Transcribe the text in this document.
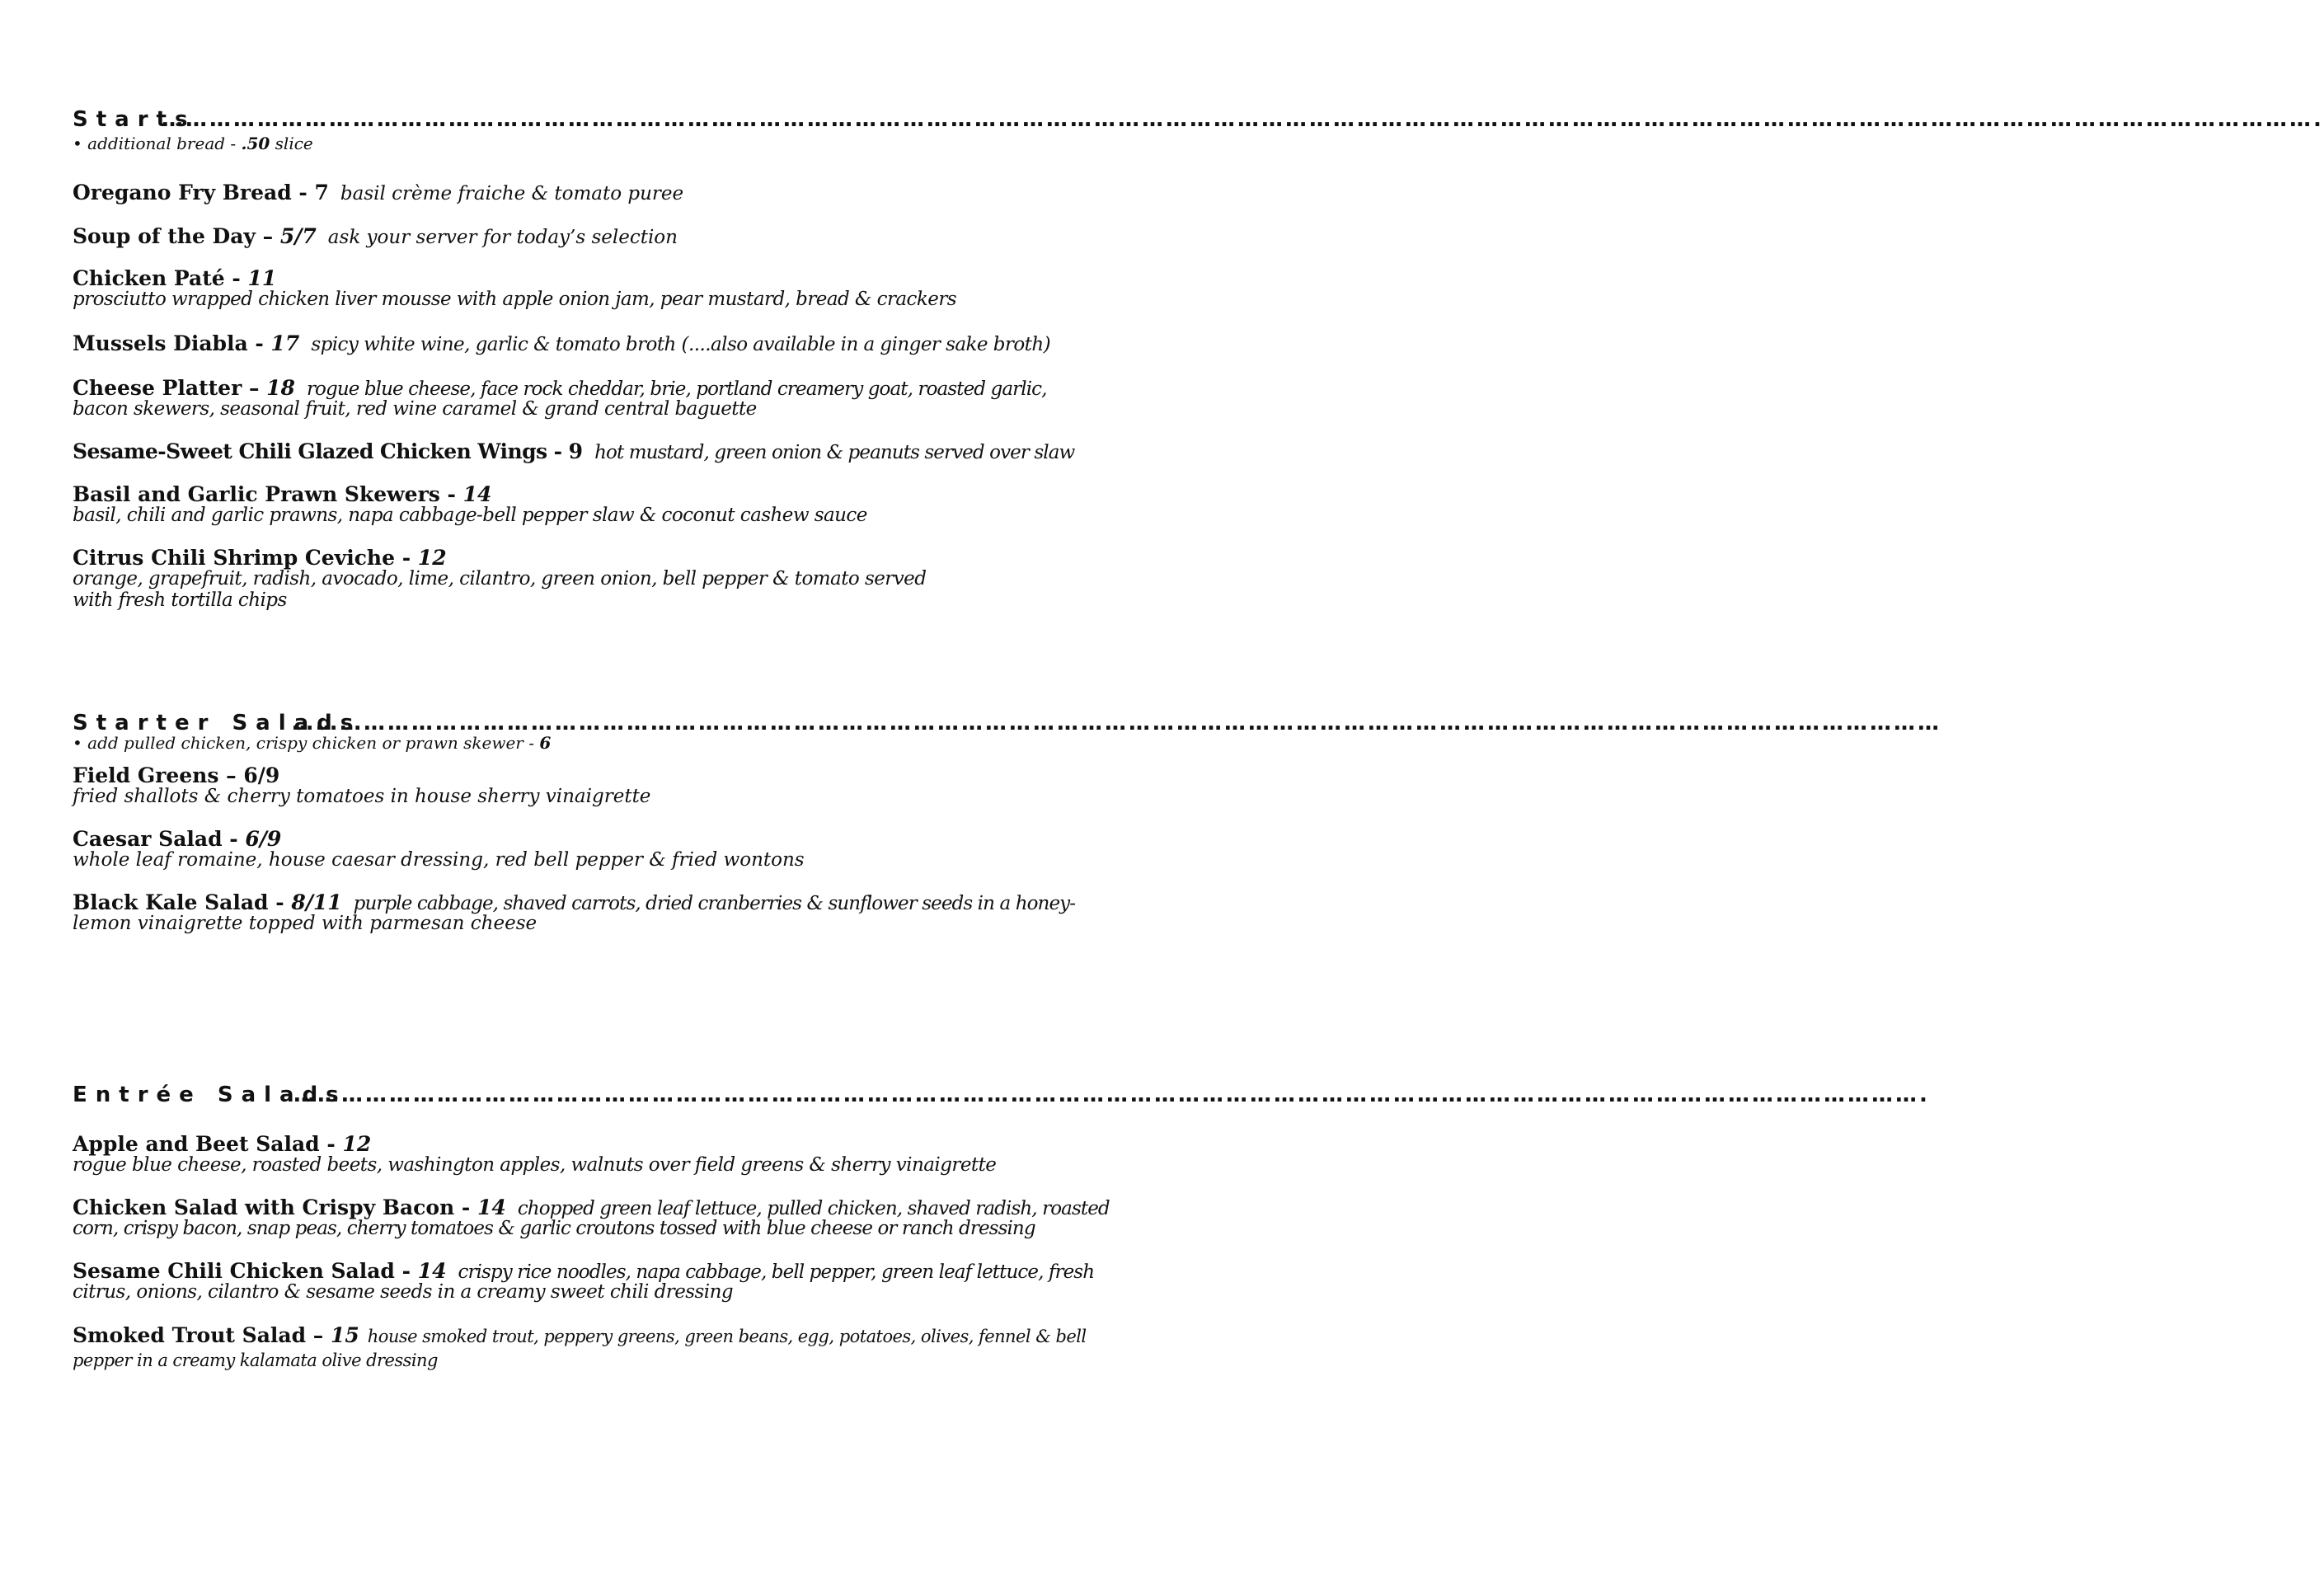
Starts
……………………………………………………………………………………………………………………………………………………………………………………………………………………………………………….
• additional bread - .50 slice
Oregano Fry Bread - 7 basil crème fraiche & tomato puree
Soup of the Day – 5/7 ask your server for today’s selection
Chicken Paté - 11
prosciutto wrapped chicken liver mousse with apple onion jam, pear mustard, bread & crackers
Mussels Diabla - 17 spicy white wine, garlic & tomato broth (....also available in a ginger sake broth)
Cheese Platter – 18 rogue blue cheese, face rock cheddar, brie, portland creamery goat, roasted garlic,
bacon skewers, seasonal fruit, red wine caramel & grand central baguette
Sesame-Sweet Chili Glazed Chicken Wings - 9 hot mustard, green onion & peanuts served over slaw
Basil and Garlic Prawn Skewers - 14
basil, chili and garlic prawns, napa cabbage-bell pepper slaw & coconut cashew sauce
Citrus Chili Shrimp Ceviche - 12
orange, grapefruit, radish, avocado, lime, cilantro, green onion, bell pepper & tomato served
with fresh tortilla chips
Starter Salads
………………………………………………………………………………………………………………………………………………………………………………………
• add pulled chicken, crispy chicken or prawn skewer - 6
Field Greens – 6/9
fried shallots & cherry tomatoes in house sherry vinaigrette
Caesar Salad - 6/9
whole leaf romaine, house caesar dressing, red bell pepper & fried wontons
Black Kale Salad - 8/11 purple cabbage, shaved carrots, dried cranberries & sunflower seeds in a honey-
lemon vinaigrette topped with parmesan cheese
Entrée Salads
…………………………………………………………………………………………………………………………………………………………………………………….
Apple and Beet Salad - 12
rogue blue cheese, roasted beets, washington apples, walnuts over field greens & sherry vinaigrette
Chicken Salad with Crispy Bacon - 14 chopped green leaf lettuce, pulled chicken, shaved radish, roasted
corn, crispy bacon, snap peas, cherry tomatoes & garlic croutons tossed with blue cheese or ranch dressing
Sesame Chili Chicken Salad - 14 crispy rice noodles, napa cabbage, bell pepper, green leaf lettuce, fresh
citrus, onions, cilantro & sesame seeds in a creamy sweet chili dressing
Smoked Trout Salad – 15 house smoked trout, peppery greens, green beans, egg, potatoes, olives, fennel & bell
pepper in a creamy kalamata olive dressing
